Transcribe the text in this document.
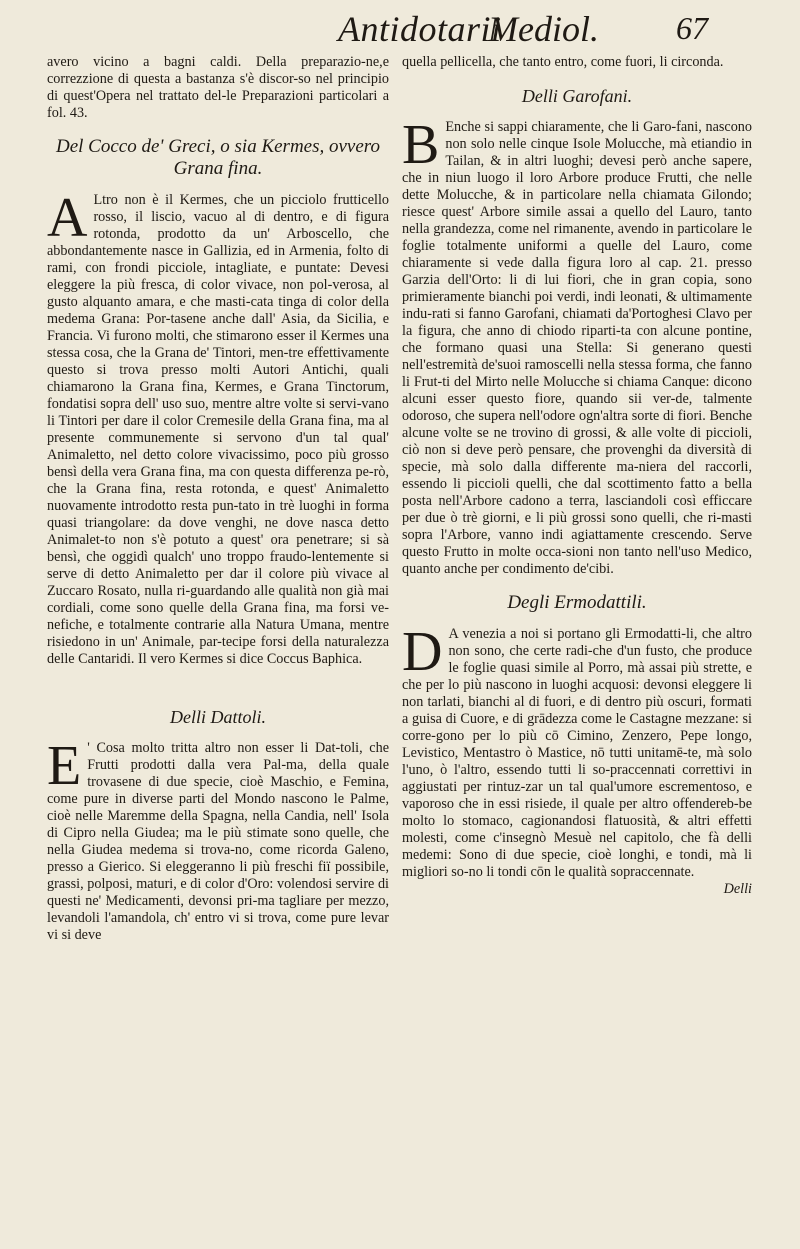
Antidotarii
Mediol. 67

avero vicino a bagni caldi. Della preparazio-ne,e correzzione di questa a bastanza s'è discor-so nel principio di quest'Opera nel trattato del-le Preparazioni particolari a fol. 43.

Del Cocco de' Greci, o sia Kermes, ovvero Grana fina.

A Ltro non è il Kermes, che un picciolo frutticello rosso, il liscio, vacuo al di dentro, e di figura rotonda, prodotto da un' Arboscello, che abbondantemente nasce in Gallizia, ed in Armenia, folto di rami, con frondi picciole, intagliate, e puntate: Devesi eleggere la più fresca, di color vivace, non pol-verosa, al gusto alquanto amara, e che masti-cata tinga di color della medema Grana: Por-tasene anche dall' Asia, da Sicilia, e Francia. Vi furono molti, che stimarono esser il Kermes una stessa cosa, che la Grana de' Tintori, men-tre effettivamente questo si trova presso molti Autori Antichi, quali chiamarono la Grana fina, Kermes, e Grana Tinctorum, fondatisi sopra dell' uso suo, mentre altre volte si servi-vano li Tintori per dare il color Cremesile della Grana fina, ma al presente communemente si servono d'un tal qual' Animaletto, nel detto colore vivacissimo, poco più grosso bensì della vera Grana fina, ma con questa differenza pe-rò, che la Grana fina, resta rotonda, e quest' Animaletto nuovamente introdotto resta pun-tato in trè luoghi in forma quasi triangolare: da dove venghi, ne dove nasca detto Animalet-to non s'è potuto a quest' ora penetrare; si sà bensì, che oggidì qualch' uno troppo fraudo-lentemente si serve di detto Animaletto per dar il colore più vivace al Zuccaro Rosato, nulla ri-guardando alle qualità non già mai cordiali, come sono quelle della Grana fina, ma forsi ve-nefiche, e totalmente contrarie alla Natura Umana, mentre risiedono in un' Animale, par-tecipe forsi della naturalezza delle Cantaridi. Il vero Kermes si dice Coccus Baphica.

Delli Dattoli.

E ' Cosa molto tritta altro non esser li Dat-toli, che Frutti prodotti dalla vera Pal-ma, della quale trovasene di due specie, cioè Maschio, e Femina, come pure in diverse parti del Mondo nascono le Palme, cioè nelle Maremme della Spagna, nella Candia, nell' Isola di Cipro nella Giudea; ma le più stimate sono quelle, che nella Giudea medema si trova-no, come ricorda Galeno, presso a Gierico. Si eleggeranno li più freschi fiï possibile, grassi, polposi, maturi, e di color d'Oro: volendosi servire di questi ne' Medicamenti, devonsi pri-ma tagliare per mezzo, levandoli l'amandola, ch' entro vi si trova, come pure levar vi si deve

quella pellicella, che tanto entro, come fuori, li circonda.

Delli Garofani.

B Enche si sappi chiaramente, che li Garo-fani, nascono non solo nelle cinque Isole Molucche, mà etiandio in Tailan, & in altri luoghi; devesi però anche sapere, che in niun luogo il loro Arbore produce Frutti, che nelle dette Molucche, & in particolare nella chiamata Gilondo; riesce quest' Arbore simile assai a quello del Lauro, tanto nella grandezza, come nel rimanente, avendo in particolare le foglie totalmente uniformi a quelle del Lauro, come chiaramente si vede dalla figura loro al cap. 21. presso Garzia dell'Orto: li di lui fiori, che in gran copia, sono primieramente bianchi poi verdi, indi leonati, & ultimamente indu-rati si fanno Garofani, chiamati da'Portoghesi Clavo per la figura, che anno di chiodo riparti-ta con alcune pontine, che formano quasi una Stella: Si generano questi nell'estremità de'suoi ramoscelli nella stessa forma, che fanno li Frut-ti del Mirto nelle Molucche si chiama Canque: dicono alcuni esser questo fiore, quando sii ver-de, talmente odoroso, che supera nell'odore ogn'altra sorte di fiori. Benche alcune volte se ne trovino di grossi, & alle volte di piccioli, ciò non si deve però pensare, che provenghi da diversità di specie, mà solo dalla differente ma-niera del raccorli, essendo li piccioli quelli, che dal scottimento fatto a bella posta nell'Arbore cadono a terra, lasciandoli così efficcare per due ò trè giorni, e li più grossi sono quelli, che ri-masti sopra l'Arbore, vanno indi agiattamente crescendo. Serve questo Frutto in molte occa-sioni non tanto nell'uso Medico, quanto anche per condimento de'cibi.

Degli Ermodattili.

D A venezia a noi si portano gli Ermodatti-li, che altro non sono, che certe radi-che d'un fusto, che produce le foglie quasi simile al Porro, mà assai più strette, e che per lo più nascono in luoghi acquosi: devonsi eleggere li non tarlati, bianchi al di fuori, e di dentro più oscuri, formati a guisa di Cuore, e di grādezza come le Castagne mezzane: si corre-gono per lo più cō Cimino, Zenzero, Pepe longo, Levistico, Mentastro ò Mastice, nō tutti unitamē-te, mà solo l'uno, ò l'altro, essendo tutti li so-praccennati correttivi in aggiustati per rintuz-zar un tal qual'umore escrementoso, e vaporoso che in essi risiede, il quale per altro offendereb-be molto lo stomaco, cagionandosi flatuosità, & altri effetti molesti, come c'insegnò Mesuè nel capitolo, che fà delli medemi: Sono di due specie, cioè longhi, e tondi, mà li migliori so-no li tondi cōn le qualità sopraccennate.

Delli
